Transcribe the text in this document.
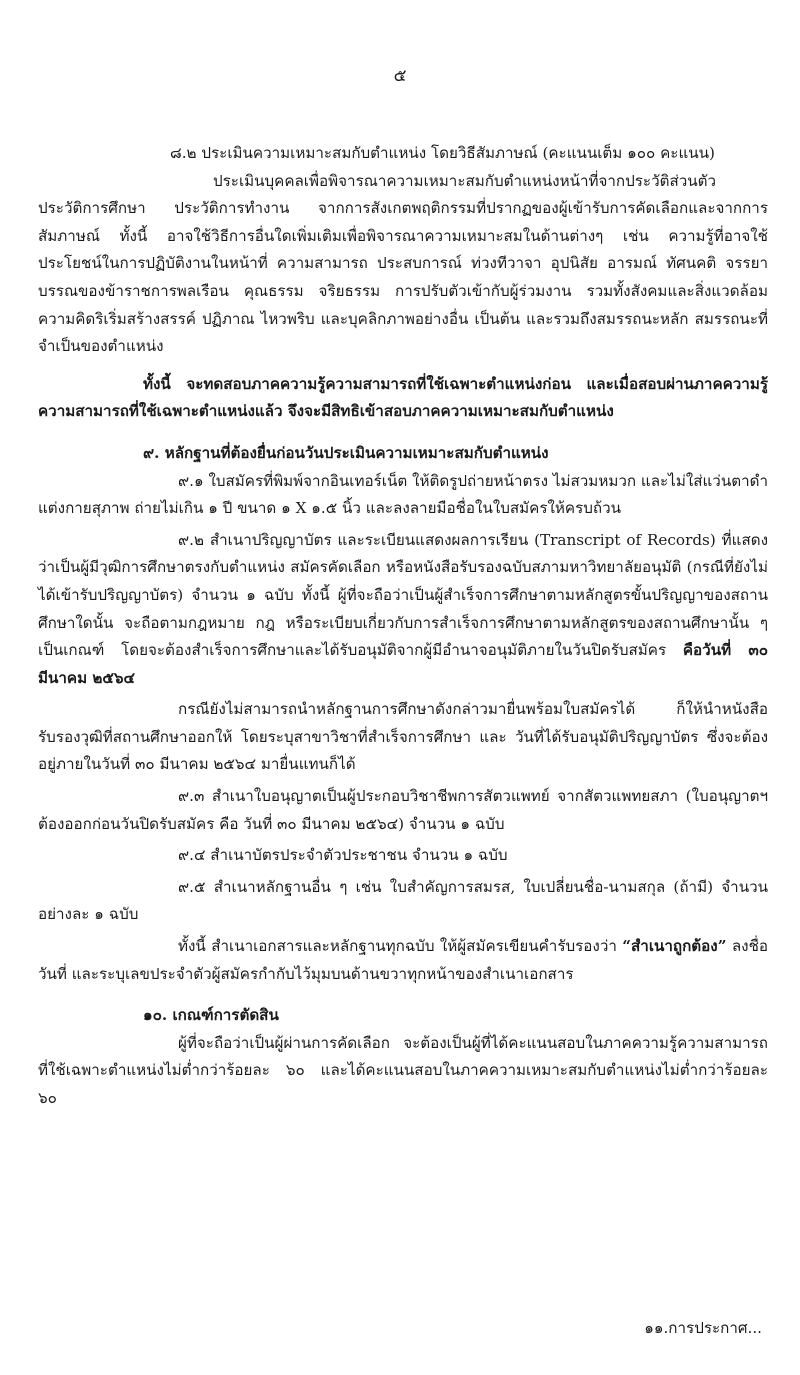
๕

๘.๒ ประเมินความเหมาะสมกับตำแหน่ง โดยวิธีสัมภาษณ์ (คะแนนเต็ม ๑๐๐ คะแนน)

ประเมินบุคคลเพื่อพิจารณาความเหมาะสมกับตำแหน่งหน้าที่จากประวัติส่วนตัว ประวัติการศึกษา ประวัติการทำงาน จากการสังเกตพฤติกรรมที่ปรากฏของผู้เข้ารับการคัดเลือกและจากการสัมภาษณ์ ทั้งนี้ อาจใช้วิธีการอื่นใดเพิ่มเติมเพื่อพิจารณาความเหมาะสมในด้านต่างๆ เช่น ความรู้ที่อาจใช้ประโยชน์ในการปฏิบัติงานในหน้าที่ ความสามารถ ประสบการณ์ ท่วงทีวาจา อุปนิสัย อารมณ์ ทัศนคติ จรรยาบรรณของข้าราชการพลเรือน คุณธรรม จริยธรรม การปรับตัวเข้ากับผู้ร่วมงาน รวมทั้งสังคมและสิ่งแวดล้อม ความคิดริเริ่มสร้างสรรค์ ปฏิภาณ ไหวพริบ และบุคลิกภาพอย่างอื่น เป็นต้น และรวมถึงสมรรถนะหลัก สมรรถนะที่จำเป็นของตำแหน่ง

ทั้งนี้ จะทดสอบภาคความรู้ความสามารถที่ใช้เฉพาะตำแหน่งก่อน และเมื่อสอบผ่านภาคความรู้ความสามารถที่ใช้เฉพาะตำแหน่งแล้ว จึงจะมีสิทธิเข้าสอบภาคความเหมาะสมกับตำแหน่ง

๙. หลักฐานที่ต้องยื่นก่อนวันประเมินความเหมาะสมกับตำแหน่ง

๙.๑ ใบสมัครที่พิมพ์จากอินเทอร์เน็ต ให้ติดรูปถ่ายหน้าตรง ไม่สวมหมวก และไม่ใส่แว่นตาดำ แต่งกายสุภาพ ถ่ายไม่เกิน ๑ ปี ขนาด ๑ X ๑.๕ นิ้ว และลงลายมือชื่อในใบสมัครให้ครบถ้วน

๙.๒ สำเนาปริญญาบัตร และระเบียนแสดงผลการเรียน (Transcript of Records) ที่แสดงว่าเป็นผู้มีวุฒิการศึกษาตรงกับตำแหน่ง สมัครคัดเลือก หรือหนังสือรับรองฉบับสภามหาวิทยาลัยอนุมัติ (กรณีที่ยังไม่ได้เข้ารับปริญญาบัตร) จำนวน ๑ ฉบับ ทั้งนี้ ผู้ที่จะถือว่าเป็นผู้สำเร็จการศึกษาตามหลักสูตรขั้นปริญญาของสถานศึกษาใดนั้น จะถือตามกฎหมาย กฎ หรือระเบียบเกี่ยวกับการสำเร็จการศึกษาตามหลักสูตรของสถานศึกษานั้น ๆ เป็นเกณฑ์ โดยจะต้องสำเร็จการศึกษาและได้รับอนุมัติจากผู้มีอำนาจอนุมัติภายในวันปิดรับสมัคร คือวันที่ ๓๐ มีนาคม ๒๕๖๔

กรณียังไม่สามารถนำหลักฐานการศึกษาดังกล่าวมายื่นพร้อมใบสมัครได้ ก็ให้นำหนังสือรับรองวุฒิที่สถานศึกษาออกให้ โดยระบุสาขาวิชาที่สำเร็จการศึกษา และ วันที่ได้รับอนุมัติปริญญาบัตร ซึ่งจะต้องอยู่ภายในวันที่ ๓๐ มีนาคม ๒๕๖๔ มายื่นแทนก็ได้

๙.๓ สำเนาใบอนุญาตเป็นผู้ประกอบวิชาชีพการสัตวแพทย์ จากสัตวแพทยสภา (ใบอนุญาตฯ ต้องออกก่อนวันปิดรับสมัคร คือ วันที่ ๓๐ มีนาคม ๒๕๖๔) จำนวน ๑ ฉบับ

๙.๔ สำเนาบัตรประจำตัวประชาชน จำนวน ๑ ฉบับ

๙.๕ สำเนาหลักฐานอื่น ๆ เช่น ใบสำคัญการสมรส, ใบเปลี่ยนชื่อ-นามสกุล (ถ้ามี) จำนวนอย่างละ ๑ ฉบับ

ทั้งนี้ สำเนาเอกสารและหลักฐานทุกฉบับ ให้ผู้สมัครเขียนคำรับรองว่า “สำเนาถูกต้อง” ลงชื่อ วันที่ และระบุเลขประจำตัวผู้สมัครกำกับไว้มุมบนด้านขวาทุกหน้าของสำเนาเอกสาร

๑๐. เกณฑ์การตัดสิน

ผู้ที่จะถือว่าเป็นผู้ผ่านการคัดเลือก จะต้องเป็นผู้ที่ได้คะแนนสอบในภาคความรู้ความสามารถที่ใช้เฉพาะตำแหน่งไม่ต่ำกว่าร้อยละ ๖๐ และได้คะแนนสอบในภาคความเหมาะสมกับตำแหน่งไม่ต่ำกว่าร้อยละ ๖๐

๑๑.การประกาศ...
